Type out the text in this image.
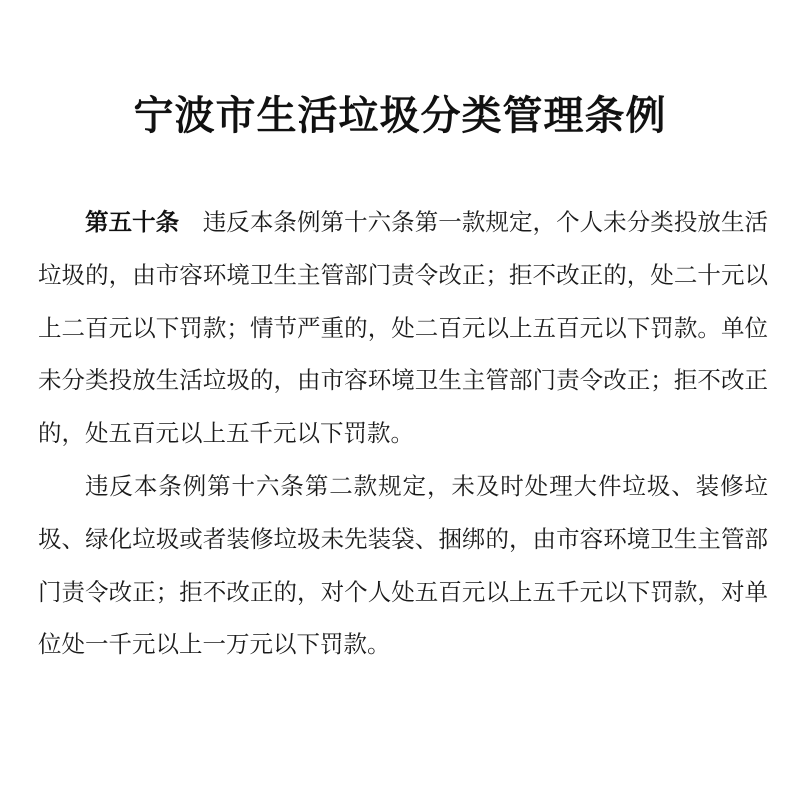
宁波市生活垃圾分类管理条例

第五十条 违反本条例第十六条第一款规定，个人未分类投放生活垃圾的，由市容环境卫生主管部门责令改正；拒不改正的，处二十元以上二百元以下罚款；情节严重的，处二百元以上五百元以下罚款。单位未分类投放生活垃圾的，由市容环境卫生主管部门责令改正；拒不改正的，处五百元以上五千元以下罚款。

违反本条例第十六条第二款规定，未及时处理大件垃圾、装修垃圾、绿化垃圾或者装修垃圾未先装袋、捆绑的，由市容环境卫生主管部门责令改正；拒不改正的，对个人处五百元以上五千元以下罚款，对单位处一千元以上一万元以下罚款。
